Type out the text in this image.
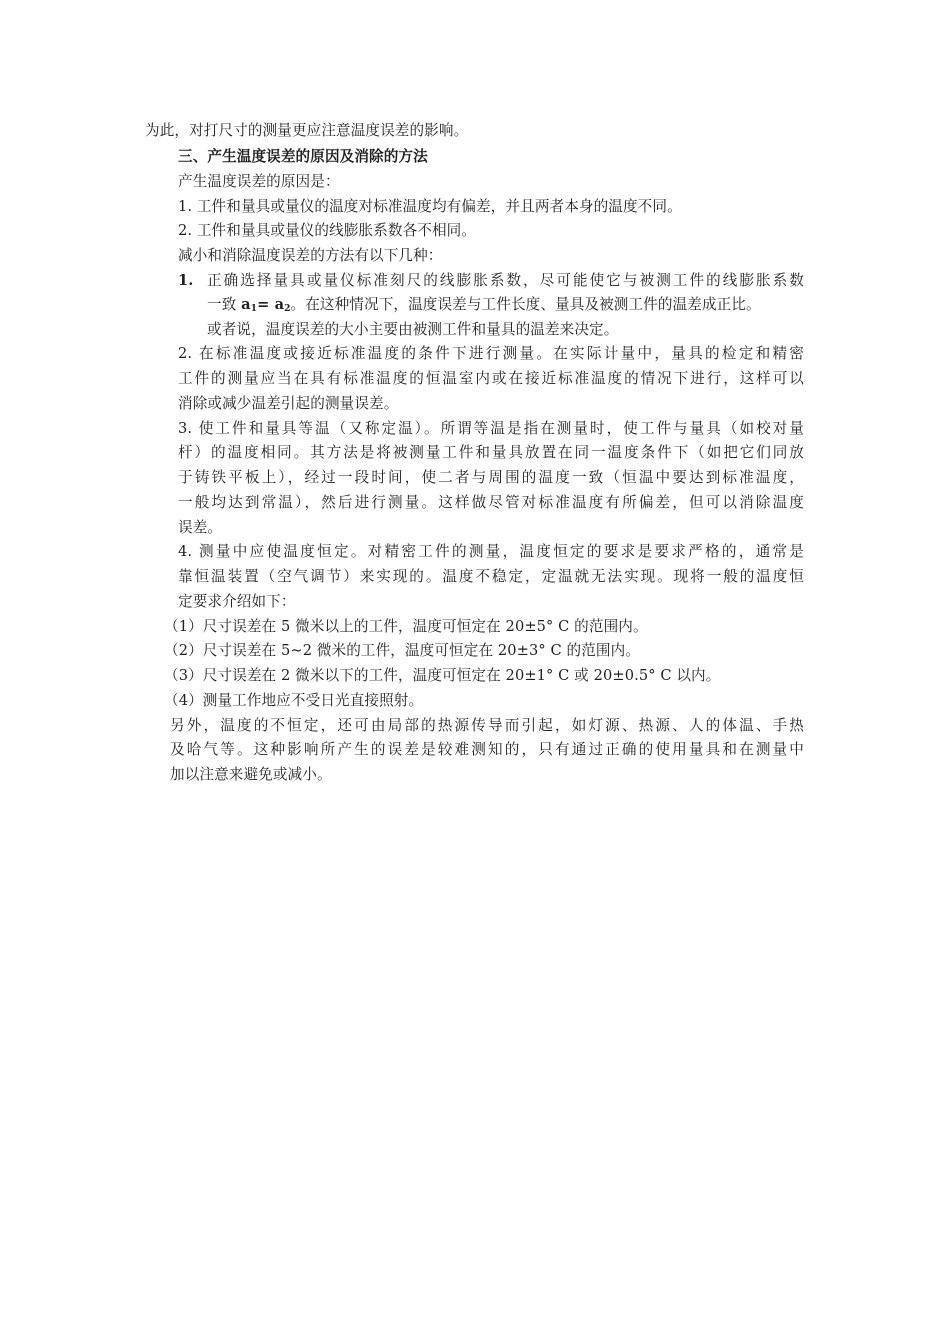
为此，对打尺寸的测量更应注意温度误差的影响。
三、产生温度误差的原因及消除的方法
产生温度误差的原因是：
1. 工件和量具或量仪的温度对标准温度均有偏差，并且两者本身的温度不同。
2. 工件和量具或量仪的线膨胀系数各不相同。
减小和消除温度误差的方法有以下几种：
1. 正确选择量具或量仪标准刻尺的线膨胀系数，尽可能使它与被测工件的线膨胀系数
一致 $a_1= a_2$。在这种情况下，温度误差与工件长度、量具及被测工件的温差成正比。
或者说，温度误差的大小主要由被测工件和量具的温差来决定。
2. 在标准温度或接近标准温度的条件下进行测量。在实际计量中，量具的检定和精密
工件的测量应当在具有标准温度的恒温室内或在接近标准温度的情况下进行，这样可以
消除或减少温差引起的测量误差。
3. 使工件和量具等温（又称定温）。所谓等温是指在测量时，使工件与量具（如校对量
杆）的温度相同。其方法是将被测量工件和量具放置在同一温度条件下（如把它们同放
于铸铁平板上），经过一段时间，使二者与周围的温度一致（恒温中要达到标准温度，
一般均达到常温），然后进行测量。这样做尽管对标准温度有所偏差，但可以消除温度
误差。
4. 测量中应使温度恒定。对精密工件的测量，温度恒定的要求是要求严格的，通常是
靠恒温装置（空气调节）来实现的。温度不稳定，定温就无法实现。现将一般的温度恒
定要求介绍如下：
（1）尺寸误差在 5 微米以上的工件，温度可恒定在 20±5° C 的范围内。
（2）尺寸误差在 5~2 微米的工件，温度可恒定在 20±3° C 的范围内。
（3）尺寸误差在 2 微米以下的工件，温度可恒定在 20±1° C 或 20±0.5° C 以内。
（4）测量工作地应不受日光直接照射。
另外，温度的不恒定，还可由局部的热源传导而引起，如灯源、热源、人的体温、手热
及哈气等。这种影响所产生的误差是较难测知的，只有通过正确的使用量具和在测量中
加以注意来避免或减小。
